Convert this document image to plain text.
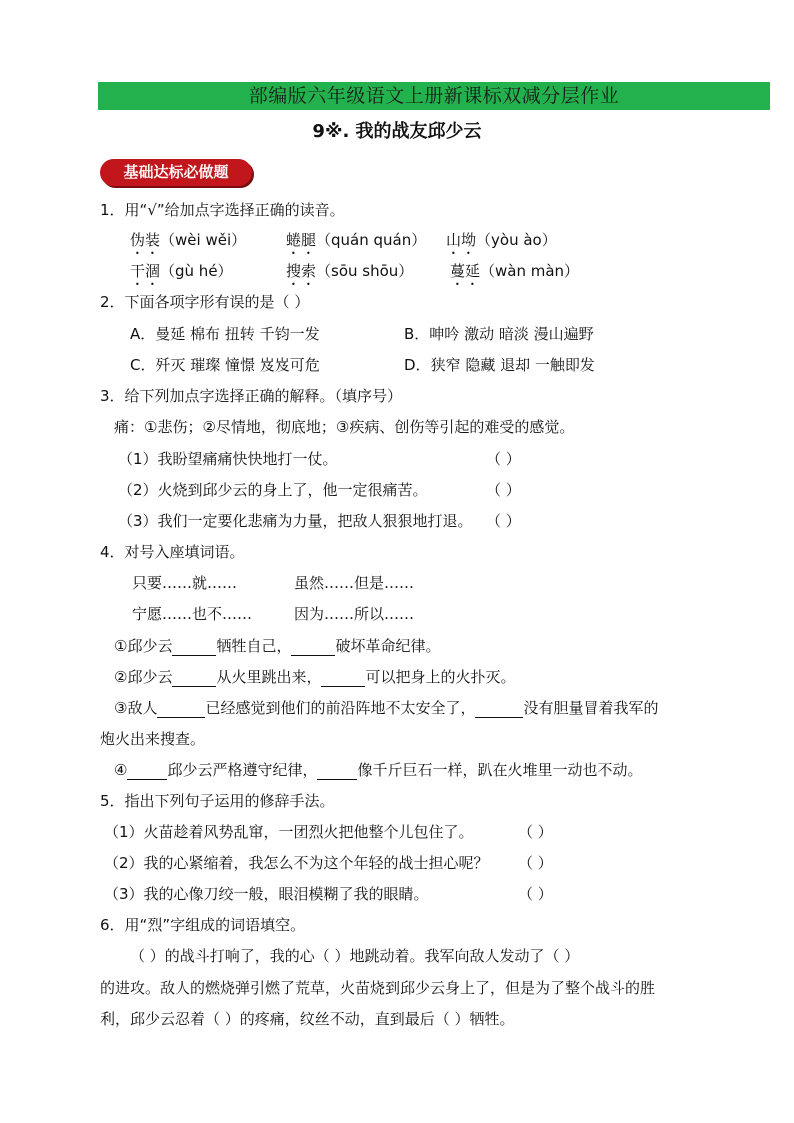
部编版六年级语文上册新课标双减分层作业
9※. 我的战友邱少云
基础达标必做题
1．用“√”给加点字选择正确的读音。
伪装（wèi wěi）	蜷腿（quán quán） 山坳（yòu ào）
干涸（gù hé）	搜索（sōu shōu） 蔓延（wàn màn）
2．下面各项字形有误的是（ ）
A．曼延 棉布 扭转 千钧一发	B．呻吟 激动 暗淡 漫山遍野
C．歼灭 璀璨 憧憬 岌岌可危	D．狭窄 隐藏 退却 一触即发
3．给下列加点字选择正确的解释。（填序号）
痛：①悲伤；②尽情地，彻底地；③疾病、创伤等引起的难受的感觉。
（1）我盼望痛痛快快地打一仗。	（ ）
（2）火烧到邱少云的身上了，他一定很痛苦。	（ ）
（3）我们一定要化悲痛为力量，把敌人狠狠地打退。 （ ）
4．对号入座填词语。
只要……就……	虽然……但是……
宁愿……也不……	因为……所以……
①邱少云	牺牲自己，	破坏革命纪律。
②邱少云	从火里跳出来，	可以把身上的火扑灭。
③敌人	已经感觉到他们的前沿阵地不太安全了，	没有胆量冒着我军的
炮火出来搜查。
④	邱少云严格遵守纪律，	像千斤巨石一样，趴在火堆里一动也不动。
5．指出下列句子运用的修辞手法。
（1）火苗趁着风势乱窜，一团烈火把他整个儿包住了。	（ ）
（2）我的心紧缩着，我怎么不为这个年轻的战士担心呢？ （ ）
（3）我的心像刀绞一般，眼泪模糊了我的眼睛。	（ ）
6．用“烈”字组成的词语填空。
（ ）的战斗打响了，我的心（ ）地跳动着。我军向敌人发动了（ ）
的进攻。敌人的燃烧弹引燃了荒草，火苗烧到邱少云身上了，但是为了整个战斗的胜
利，邱少云忍着（ ）的疼痛，纹丝不动，直到最后（ ）牺牲。
